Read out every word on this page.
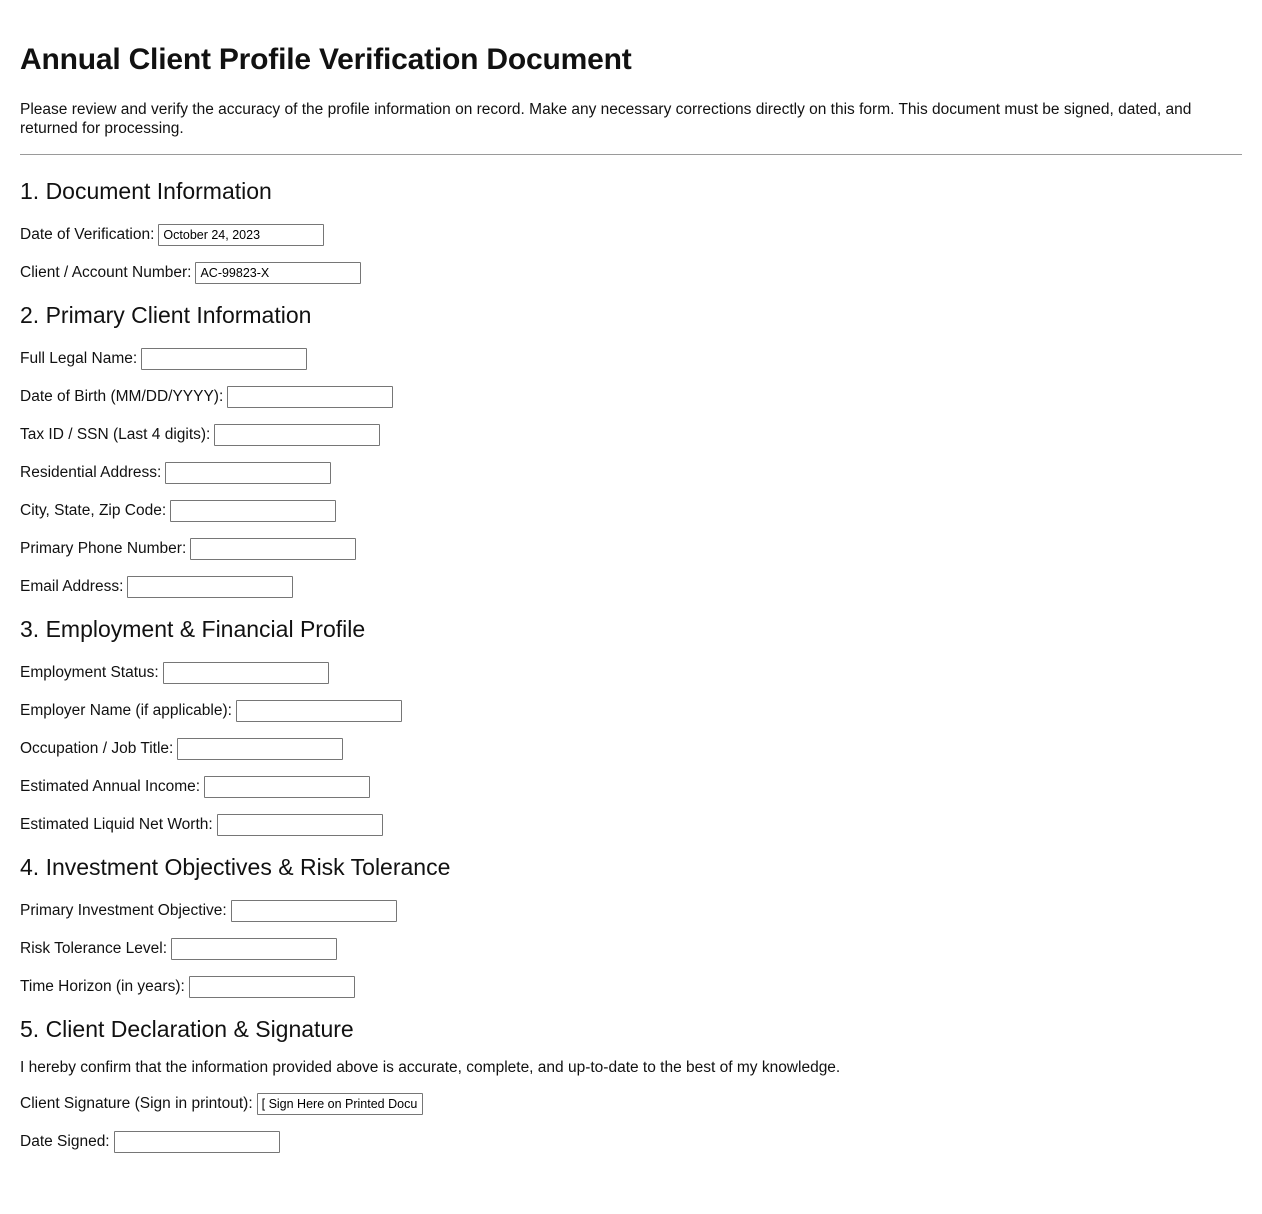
Annual Client Profile Verification Document

Please review and verify the accuracy of the profile information on record. Make any necessary corrections directly on this form. This document must be signed, dated, and returned for processing.

1. Document Information
Date of Verification:
October 24, 2023
Client / Account Number:
AC-99823-X
2. Primary Client Information
Full Legal Name:
Date of Birth (MM/DD/YYYY):
Tax ID / SSN (Last 4 digits):
Residential Address:
City, State, Zip Code:
Primary Phone Number:
Email Address:
3. Employment & Financial Profile
Employment Status:
Employer Name (if applicable):
Occupation / Job Title:
Estimated Annual Income:
Estimated Liquid Net Worth:
4. Investment Objectives & Risk Tolerance
Primary Investment Objective:
Risk Tolerance Level:
Time Horizon (in years):
5. Client Declaration & Signature

I hereby confirm that the information provided above is accurate, complete, and up-to-date to the best of my knowledge.

Client Signature (Sign in printout):
[ Sign Here on Printed Document ]
Date Signed:
